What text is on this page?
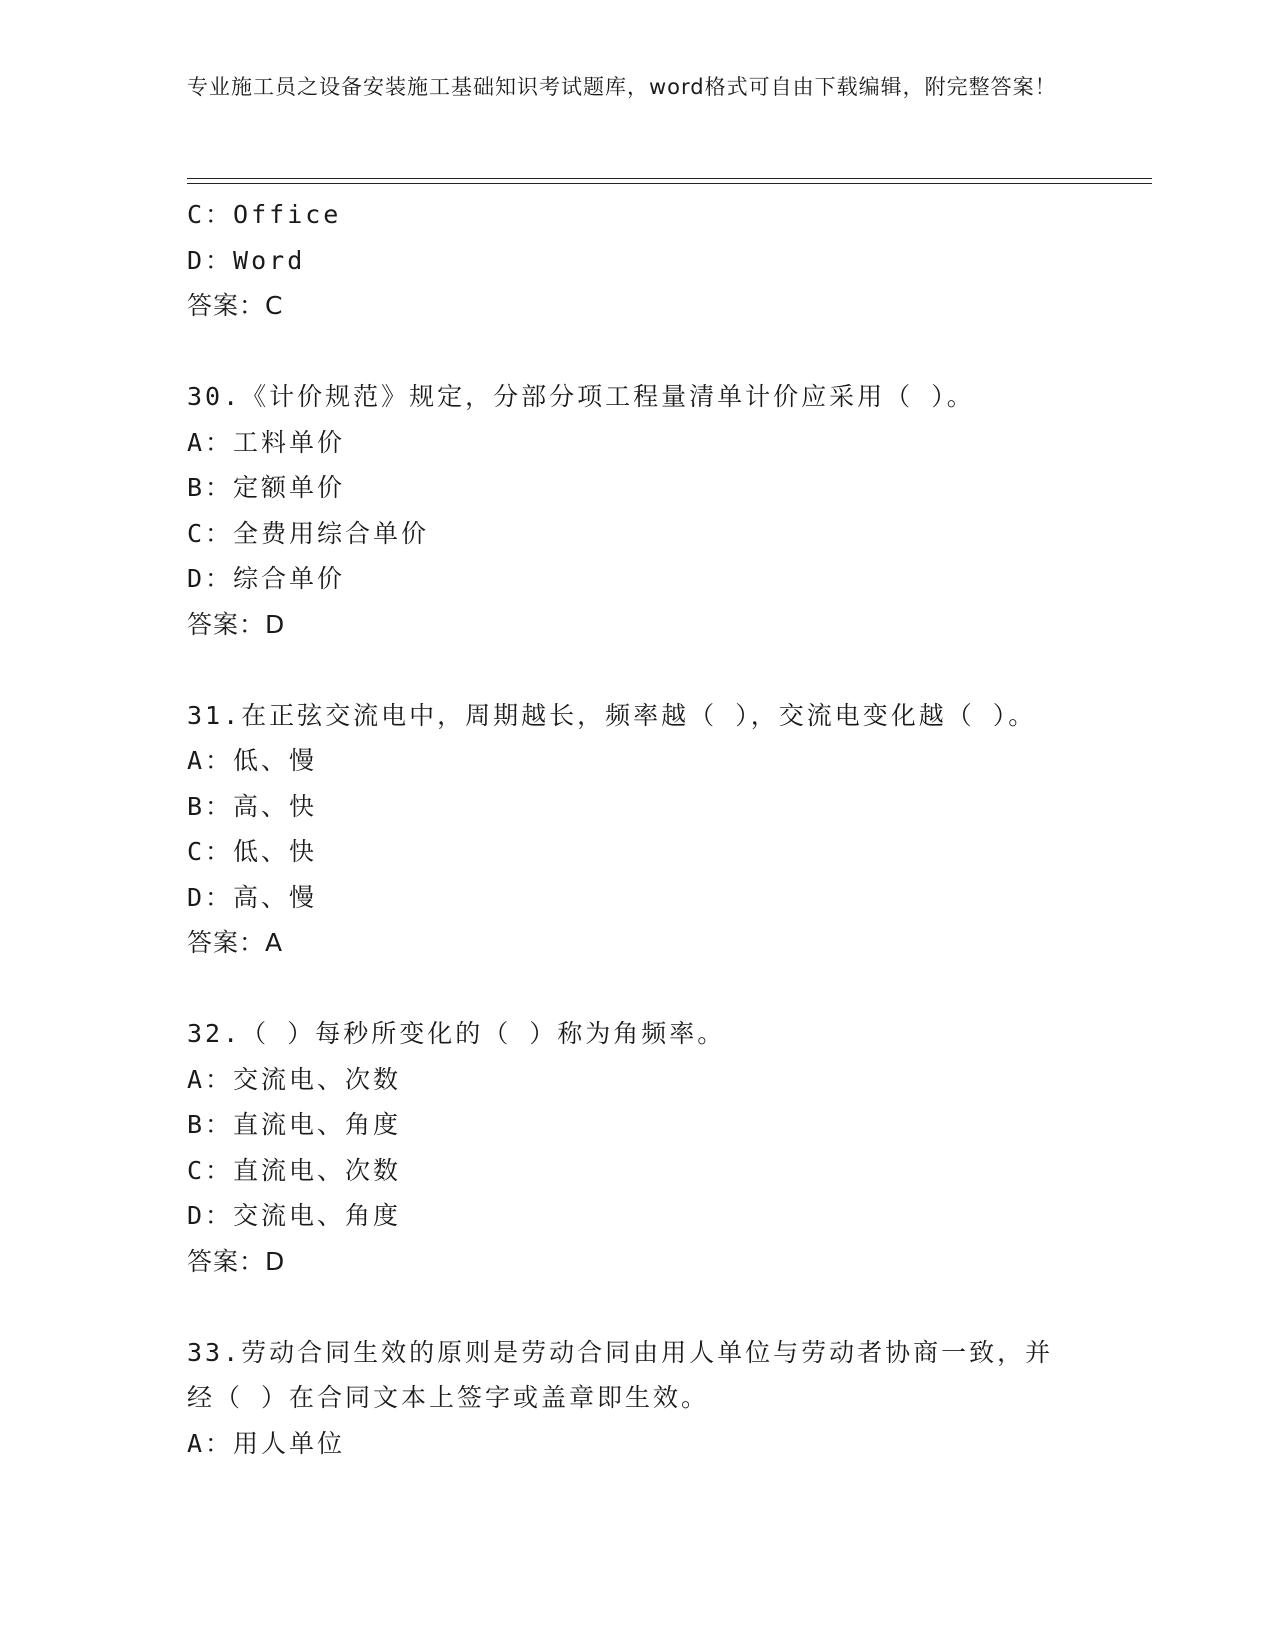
专业施工员之设备安装施工基础知识考试题库，word格式可自由下载编辑，附完整答案！
C：Office
D：Word
答案：C
30.《计价规范》规定，分部分项工程量清单计价应采用（ ）。
A：工料单价
B：定额单价
C：全费用综合单价
D：综合单价
答案：D
31.在正弦交流电中，周期越长，频率越（ ），交流电变化越（ ）。
A：低、慢
B：高、快
C：低、快
D：高、慢
答案：A
32.（ ）每秒所变化的（ ）称为角频率。
A：交流电、次数
B：直流电、角度
C：直流电、次数
D：交流电、角度
答案：D
33.劳动合同生效的原则是劳动合同由用人单位与劳动者协商一致，并经（ ）在合同文本上签字或盖章即生效。
A：用人单位
